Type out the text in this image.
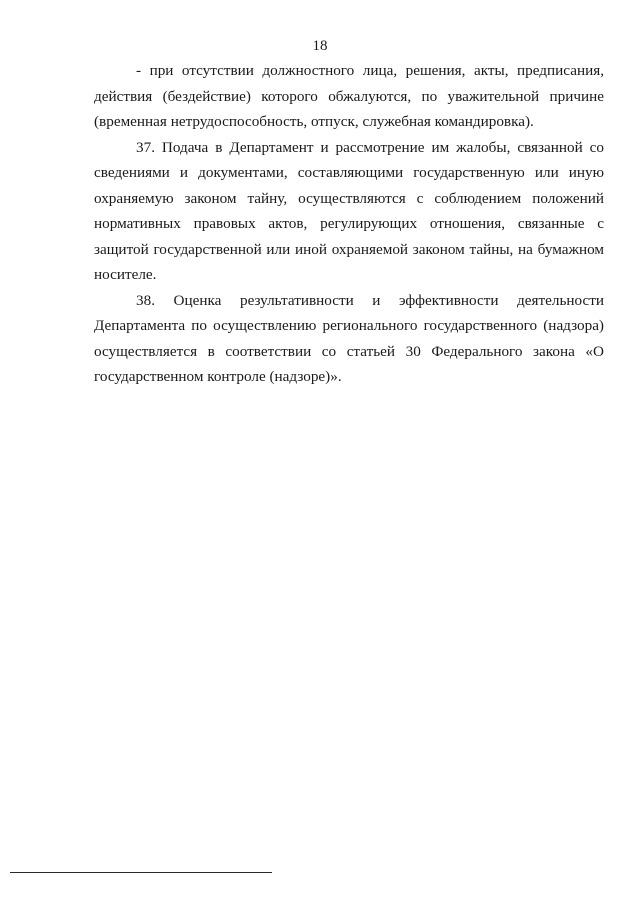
18

- при отсутствии должностного лица, решения, акты, предписания, действия (бездействие) которого обжалуются, по уважительной причине (временная нетрудоспособность, отпуск, служебная командировка).

37. Подача в Департамент и рассмотрение им жалобы, связанной со сведениями и документами, составляющими государственную или иную охраняемую законом тайну, осуществляются с соблюдением положений нормативных правовых актов, регулирующих отношения, связанные с защитой государственной или иной охраняемой законом тайны, на бумажном носителе.

38. Оценка результативности и эффективности деятельности Департамента по осуществлению регионального государственного (надзора) осуществляется в соответствии со статьей 30 Федерального закона «О государственном контроле (надзоре)».
